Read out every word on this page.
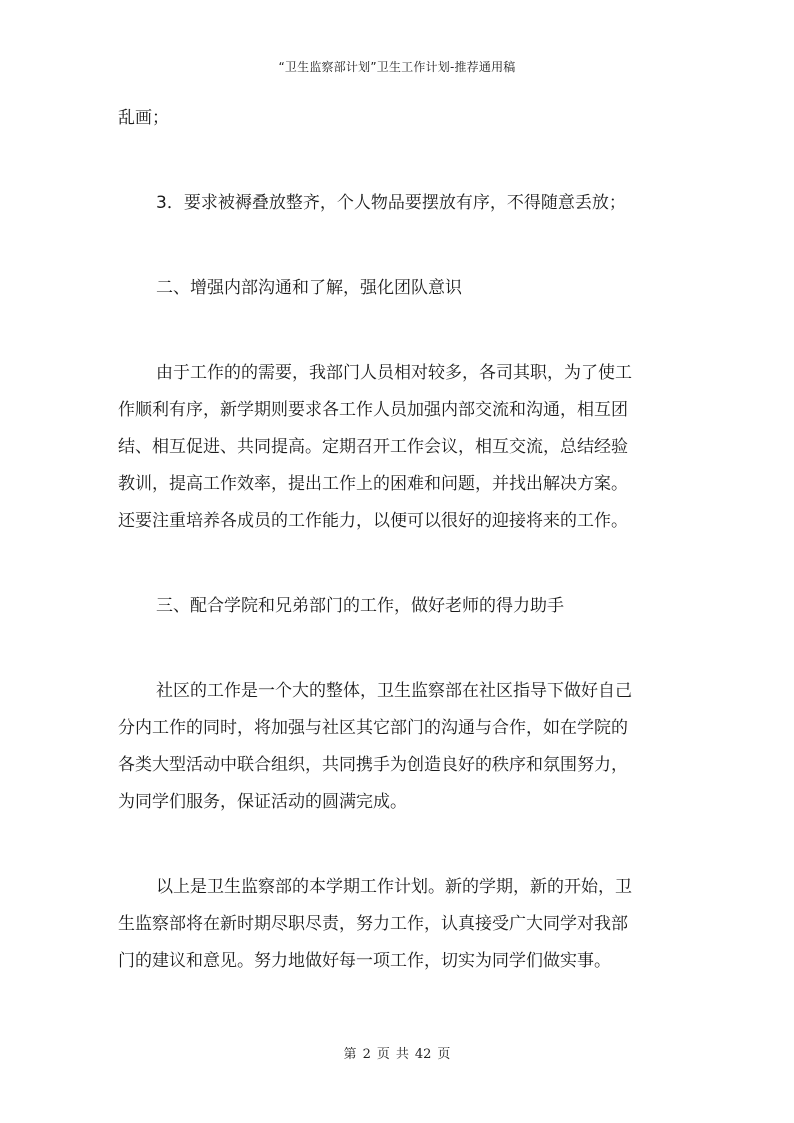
“卫生监察部计划”卫生工作计划-推荐通用稿
乱画；
3．要求被褥叠放整齐，个人物品要摆放有序，不得随意丢放；
二、增强内部沟通和了解，强化团队意识
由于工作的的需要，我部门人员相对较多，各司其职，为了使工
作顺利有序，新学期则要求各工作人员加强内部交流和沟通，相互团
结、相互促进、共同提高。定期召开工作会议，相互交流，总结经验
教训，提高工作效率，提出工作上的困难和问题，并找出解决方案。
还要注重培养各成员的工作能力，以便可以很好的迎接将来的工作。
三、配合学院和兄弟部门的工作，做好老师的得力助手
社区的工作是一个大的整体，卫生监察部在社区指导下做好自己
分内工作的同时，将加强与社区其它部门的沟通与合作，如在学院的
各类大型活动中联合组织，共同携手为创造良好的秩序和氛围努力，
为同学们服务，保证活动的圆满完成。
以上是卫生监察部的本学期工作计划。新的学期，新的开始，卫
生监察部将在新时期尽职尽责，努力工作，认真接受广大同学对我部
门的建议和意见。努力地做好每一项工作，切实为同学们做实事。
第 2 页 共 42 页
